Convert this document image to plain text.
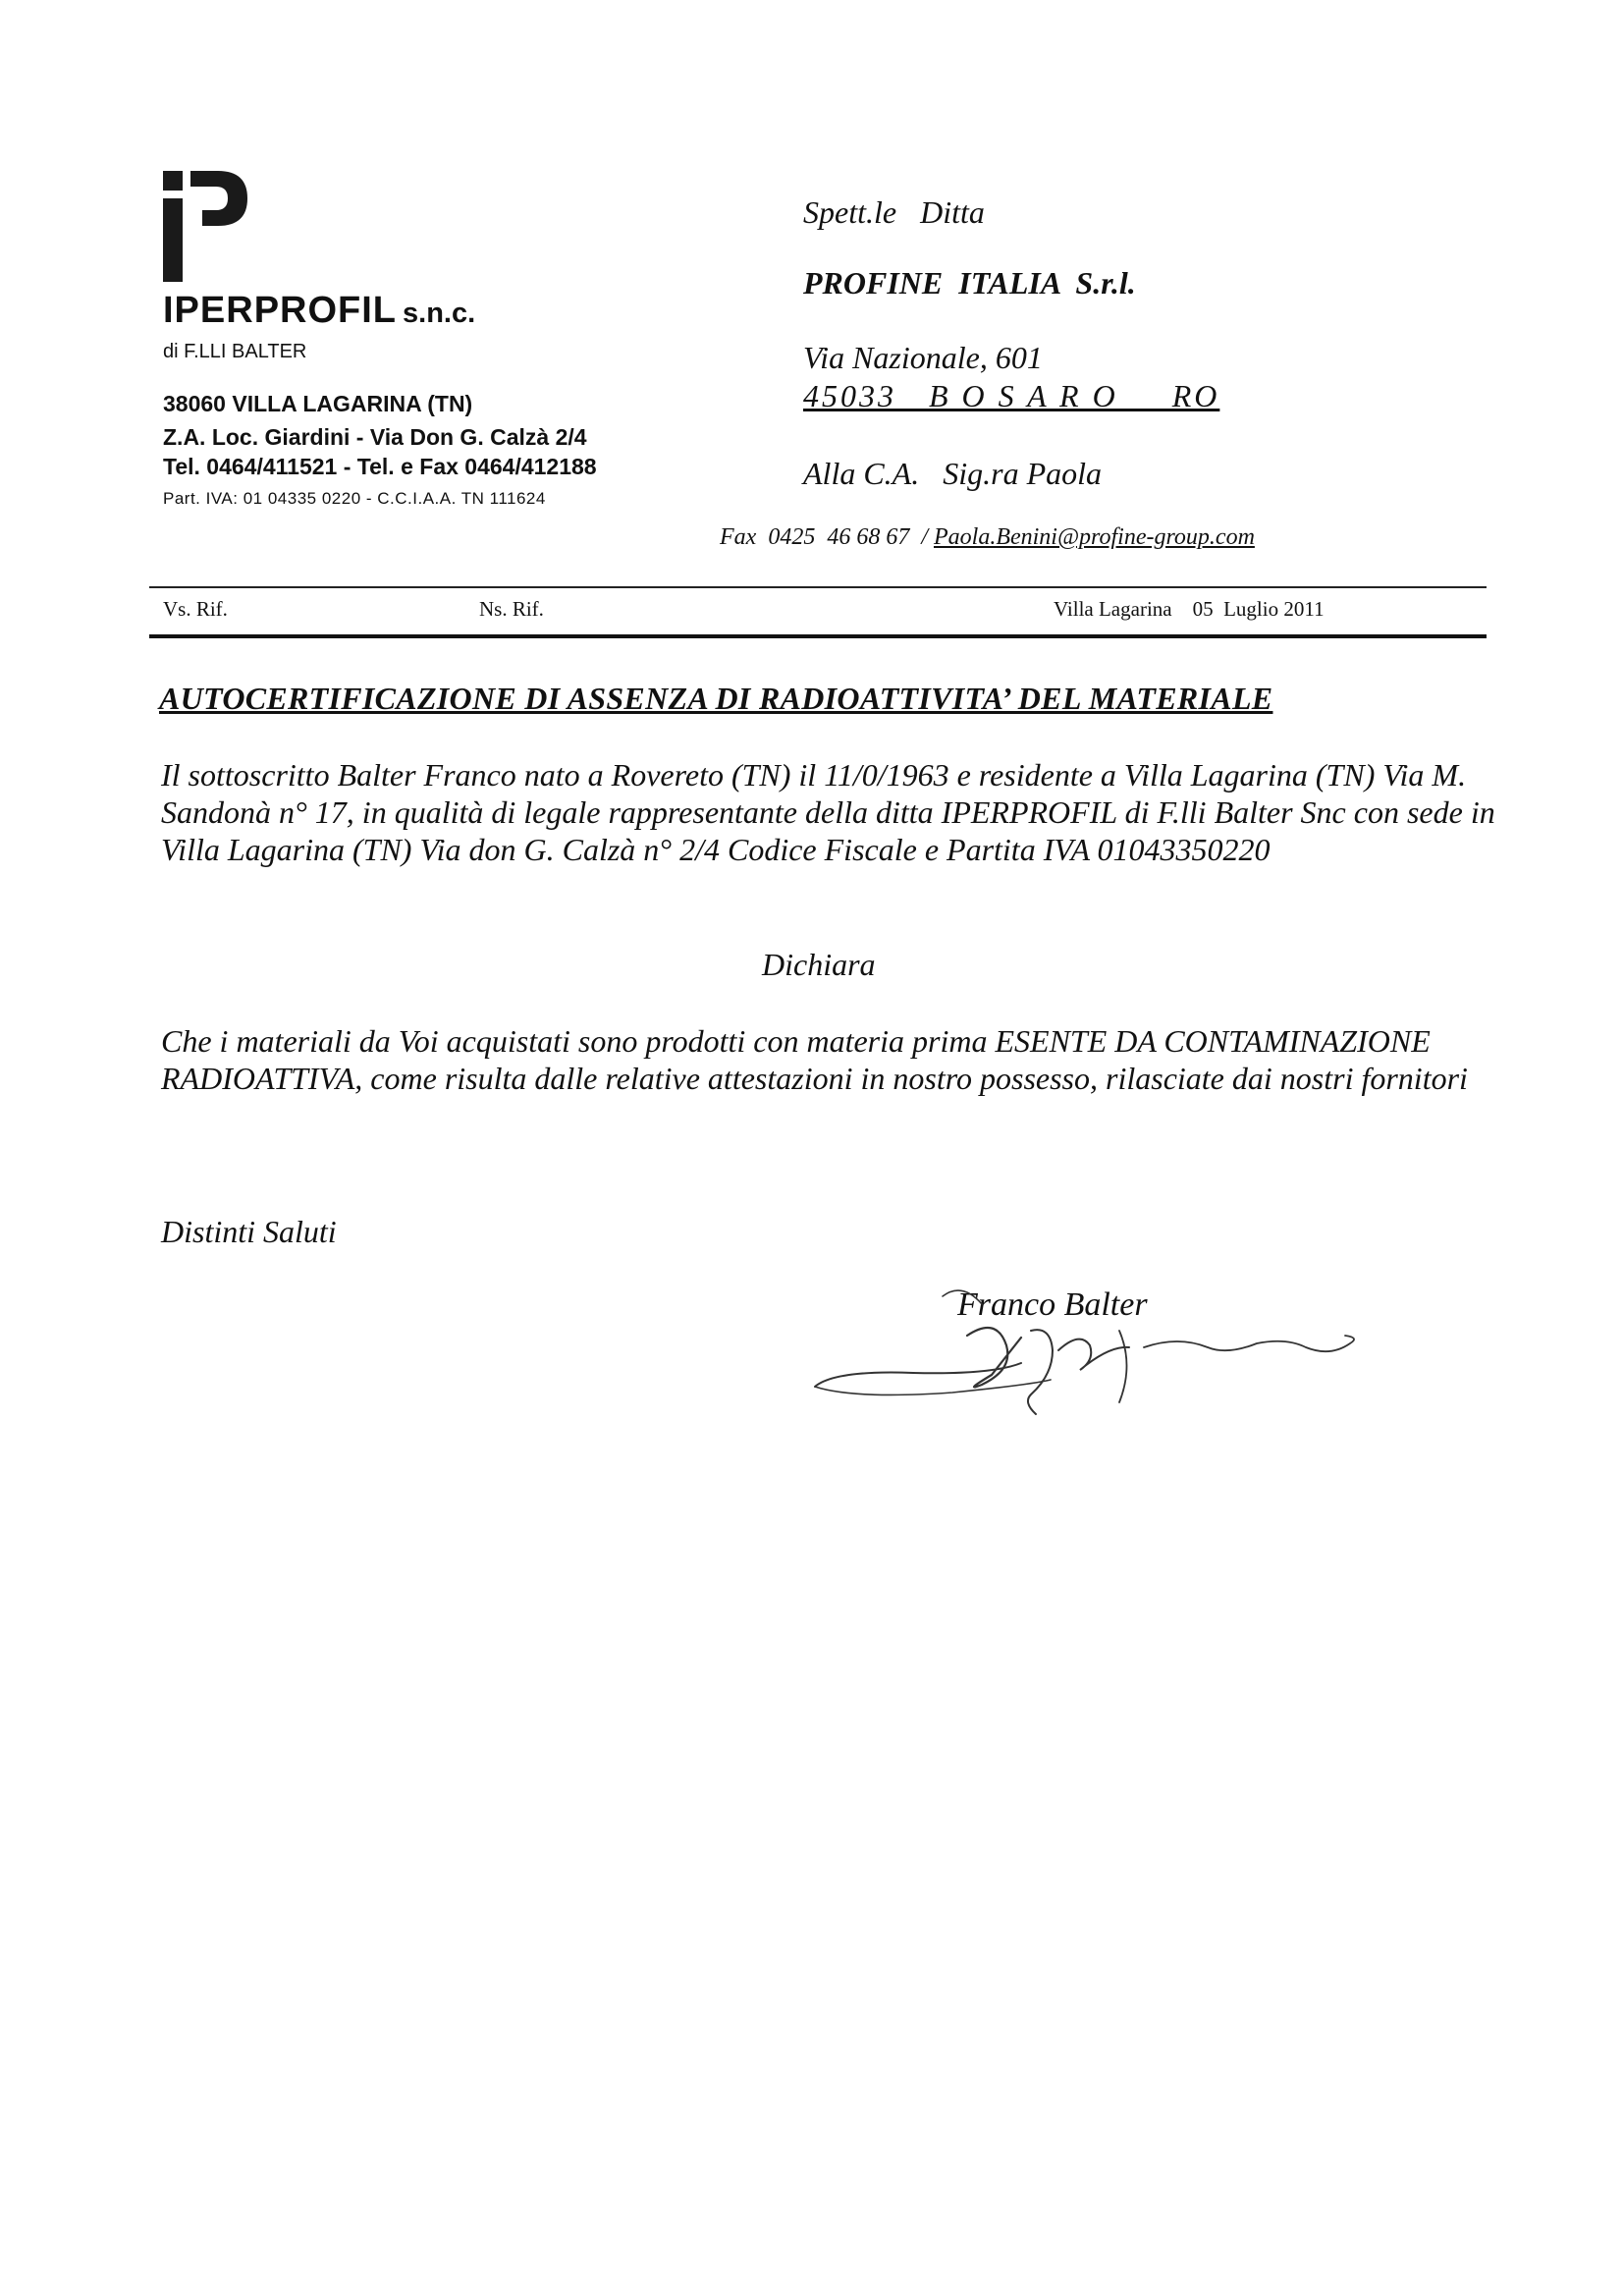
IPERPROFIL s.n.c.
di F.LLI BALTER
38060 VILLA LAGARINA (TN)
Z.A. Loc. Giardini - Via Don G. Calzà 2/4
Tel. 0464/411521 - Tel. e Fax 0464/412188
Part. IVA: 01 04335 0220 - C.C.I.A.A. TN 111624
Spett.le   Ditta
PROFINE  ITALIA  S.r.l.
Via Nazionale, 601
45033   B O S A R O     RO
Alla C.A.   Sig.ra Paola
Fax  0425  46 68 67  / Paola.Benini@profine-group.com
Vs. Rif.	Ns. Rif.	Villa Lagarina    05  Luglio 2011
AUTOCERTIFICAZIONE DI ASSENZA DI RADIOATTIVITA’ DEL MATERIALE
Il sottoscritto Balter Franco nato a Rovereto (TN) il 11/0/1963 e residente a Villa Lagarina (TN) Via M. Sandonà n° 17, in qualità di legale rappresentante della ditta IPERPROFIL di F.lli Balter Snc con sede in Villa Lagarina (TN) Via don G. Calzà n° 2/4 Codice Fiscale e Partita IVA 01043350220
Dichiara
Che i materiali da Voi acquistati sono prodotti con materia prima ESENTE DA CONTAMINAZIONE RADIOATTIVA, come risulta dalle relative attestazioni in nostro possesso, rilasciate dai nostri fornitori
Distinti Saluti
Franco Balter
